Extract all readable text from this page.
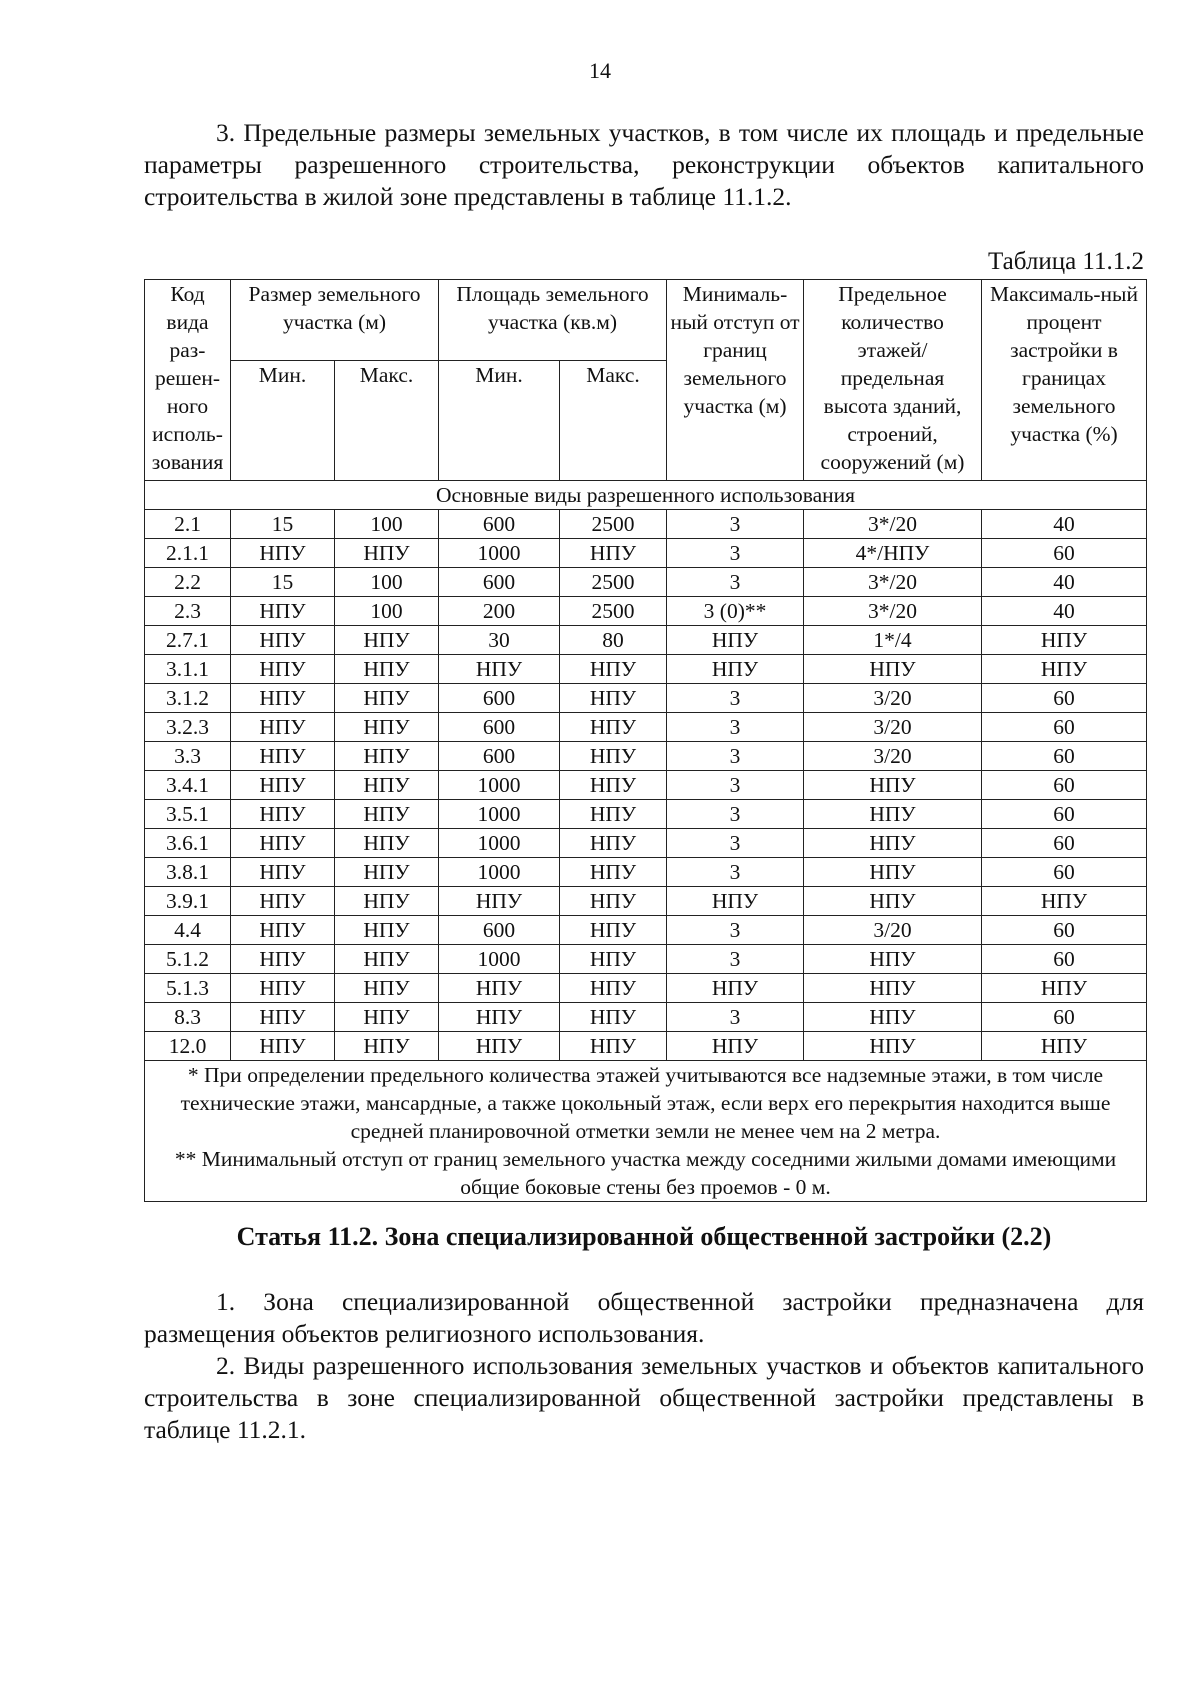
14

3. Предельные размеры земельных участков, в том числе их площадь и предельные параметры разрешенного строительства, реконструкции объектов капитального строительства в жилой зоне представлены в таблице 11.1.2.

Таблица 11.1.2
Код вида раз-решен-ного исполь-зования	Размер земельного участка (м)		Площадь земельного участка (кв.м)		Минималь-ный отступ от границ земельного участка (м)	Предельное количество этажей/ предельная высота зданий, строений, сооружений (м)	Максималь-ный процент застройки в границах земельного участка (%)
	Мин.	Макс.	Мин.	Макс.			
Основные виды разрешенного использования							
2.1	15	100	600	2500	3	3*/20	40
2.1.1	НПУ	НПУ	1000	НПУ	3	4*/НПУ	60
2.2	15	100	600	2500	3	3*/20	40
2.3	НПУ	100	200	2500	3 (0)**	3*/20	40
2.7.1	НПУ	НПУ	30	80	НПУ	1*/4	НПУ
3.1.1	НПУ	НПУ	НПУ	НПУ	НПУ	НПУ	НПУ
3.1.2	НПУ	НПУ	600	НПУ	3	3/20	60
3.2.3	НПУ	НПУ	600	НПУ	3	3/20	60
3.3	НПУ	НПУ	600	НПУ	3	3/20	60
3.4.1	НПУ	НПУ	1000	НПУ	3	НПУ	60
3.5.1	НПУ	НПУ	1000	НПУ	3	НПУ	60
3.6.1	НПУ	НПУ	1000	НПУ	3	НПУ	60
3.8.1	НПУ	НПУ	1000	НПУ	3	НПУ	60
3.9.1	НПУ	НПУ	НПУ	НПУ	НПУ	НПУ	НПУ
4.4	НПУ	НПУ	600	НПУ	3	3/20	60
5.1.2	НПУ	НПУ	1000	НПУ	3	НПУ	60
5.1.3	НПУ	НПУ	НПУ	НПУ	НПУ	НПУ	НПУ
8.3	НПУ	НПУ	НПУ	НПУ	3	НПУ	60
12.0	НПУ	НПУ	НПУ	НПУ	НПУ	НПУ	НПУ

* При определении предельного количества этажей учитываются все надземные этажи, в том числе технические этажи, мансардные, а также цокольный этаж, если верх его перекрытия находится выше средней планировочной отметки земли не менее чем на 2 метра.

** Минимальный отступ от границ земельного участка между соседними жилыми домами имеющими общие боковые стены без проемов - 0 м.							

Статья 11.2. Зона специализированной общественной застройки (2.2)

1. Зона специализированной общественной застройки предназначена для размещения объектов религиозного использования.

2. Виды разрешенного использования земельных участков и объектов капитального строительства в зоне специализированной общественной застройки представлены в таблице 11.2.1.
